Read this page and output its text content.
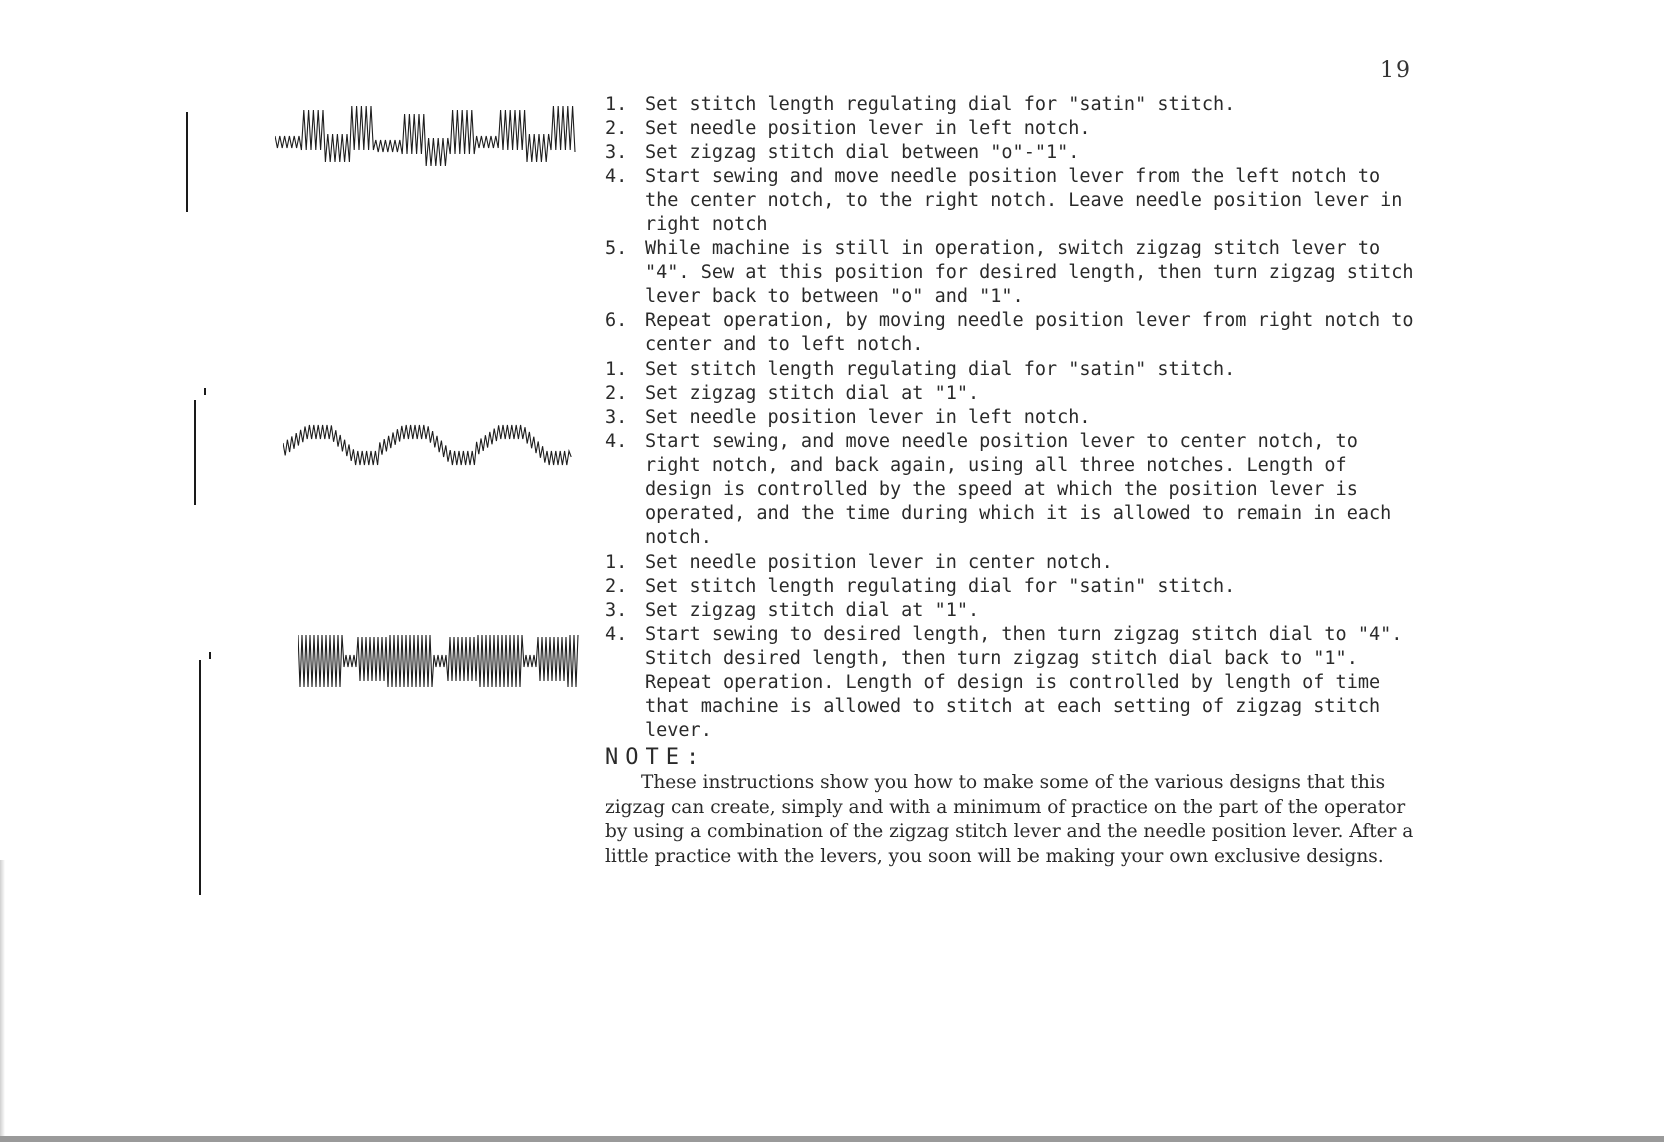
19
1. Set stitch length regulating dial for "satin" stitch.
2. Set needle position lever in left notch.
3. Set zigzag stitch dial between "o"-"1".
4. Start sewing and move needle position lever from the left notch to the center notch, to the right notch. Leave needle position lever in right notch
5. While machine is still in operation, switch zigzag stitch lever to "4". Sew at this position for desired length, then turn zigzag stitch lever back to between "o" and "1".
6. Repeat operation, by moving needle position lever from right notch to center and to left notch.
1. Set stitch length regulating dial for "satin" stitch.
2. Set zigzag stitch dial at "1".
3. Set needle position lever in left notch.
4. Start sewing, and move needle position lever to center notch, to right notch, and back again, using all three notches. Length of design is controlled by the speed at which the position lever is operated, and the time during which it is allowed to remain in each notch.
1. Set needle position lever in center notch.
2. Set stitch length regulating dial for "satin" stitch.
3. Set zigzag stitch dial at "1".
4. Start sewing to desired length, then turn zigzag stitch dial to "4". Stitch desired length, then turn zigzag stitch dial back to "1". Repeat operation. Length of design is controlled by length of time that machine is allowed to stitch at each setting of zigzag stitch lever.

NOTE:

These instructions show you how to make some of the various designs that this zigzag can create, simply and with a minimum of practice on the part of the operator by using a combination of the zigzag stitch lever and the needle position lever. After a little practice with the levers, you soon will be making your own exclusive designs.
